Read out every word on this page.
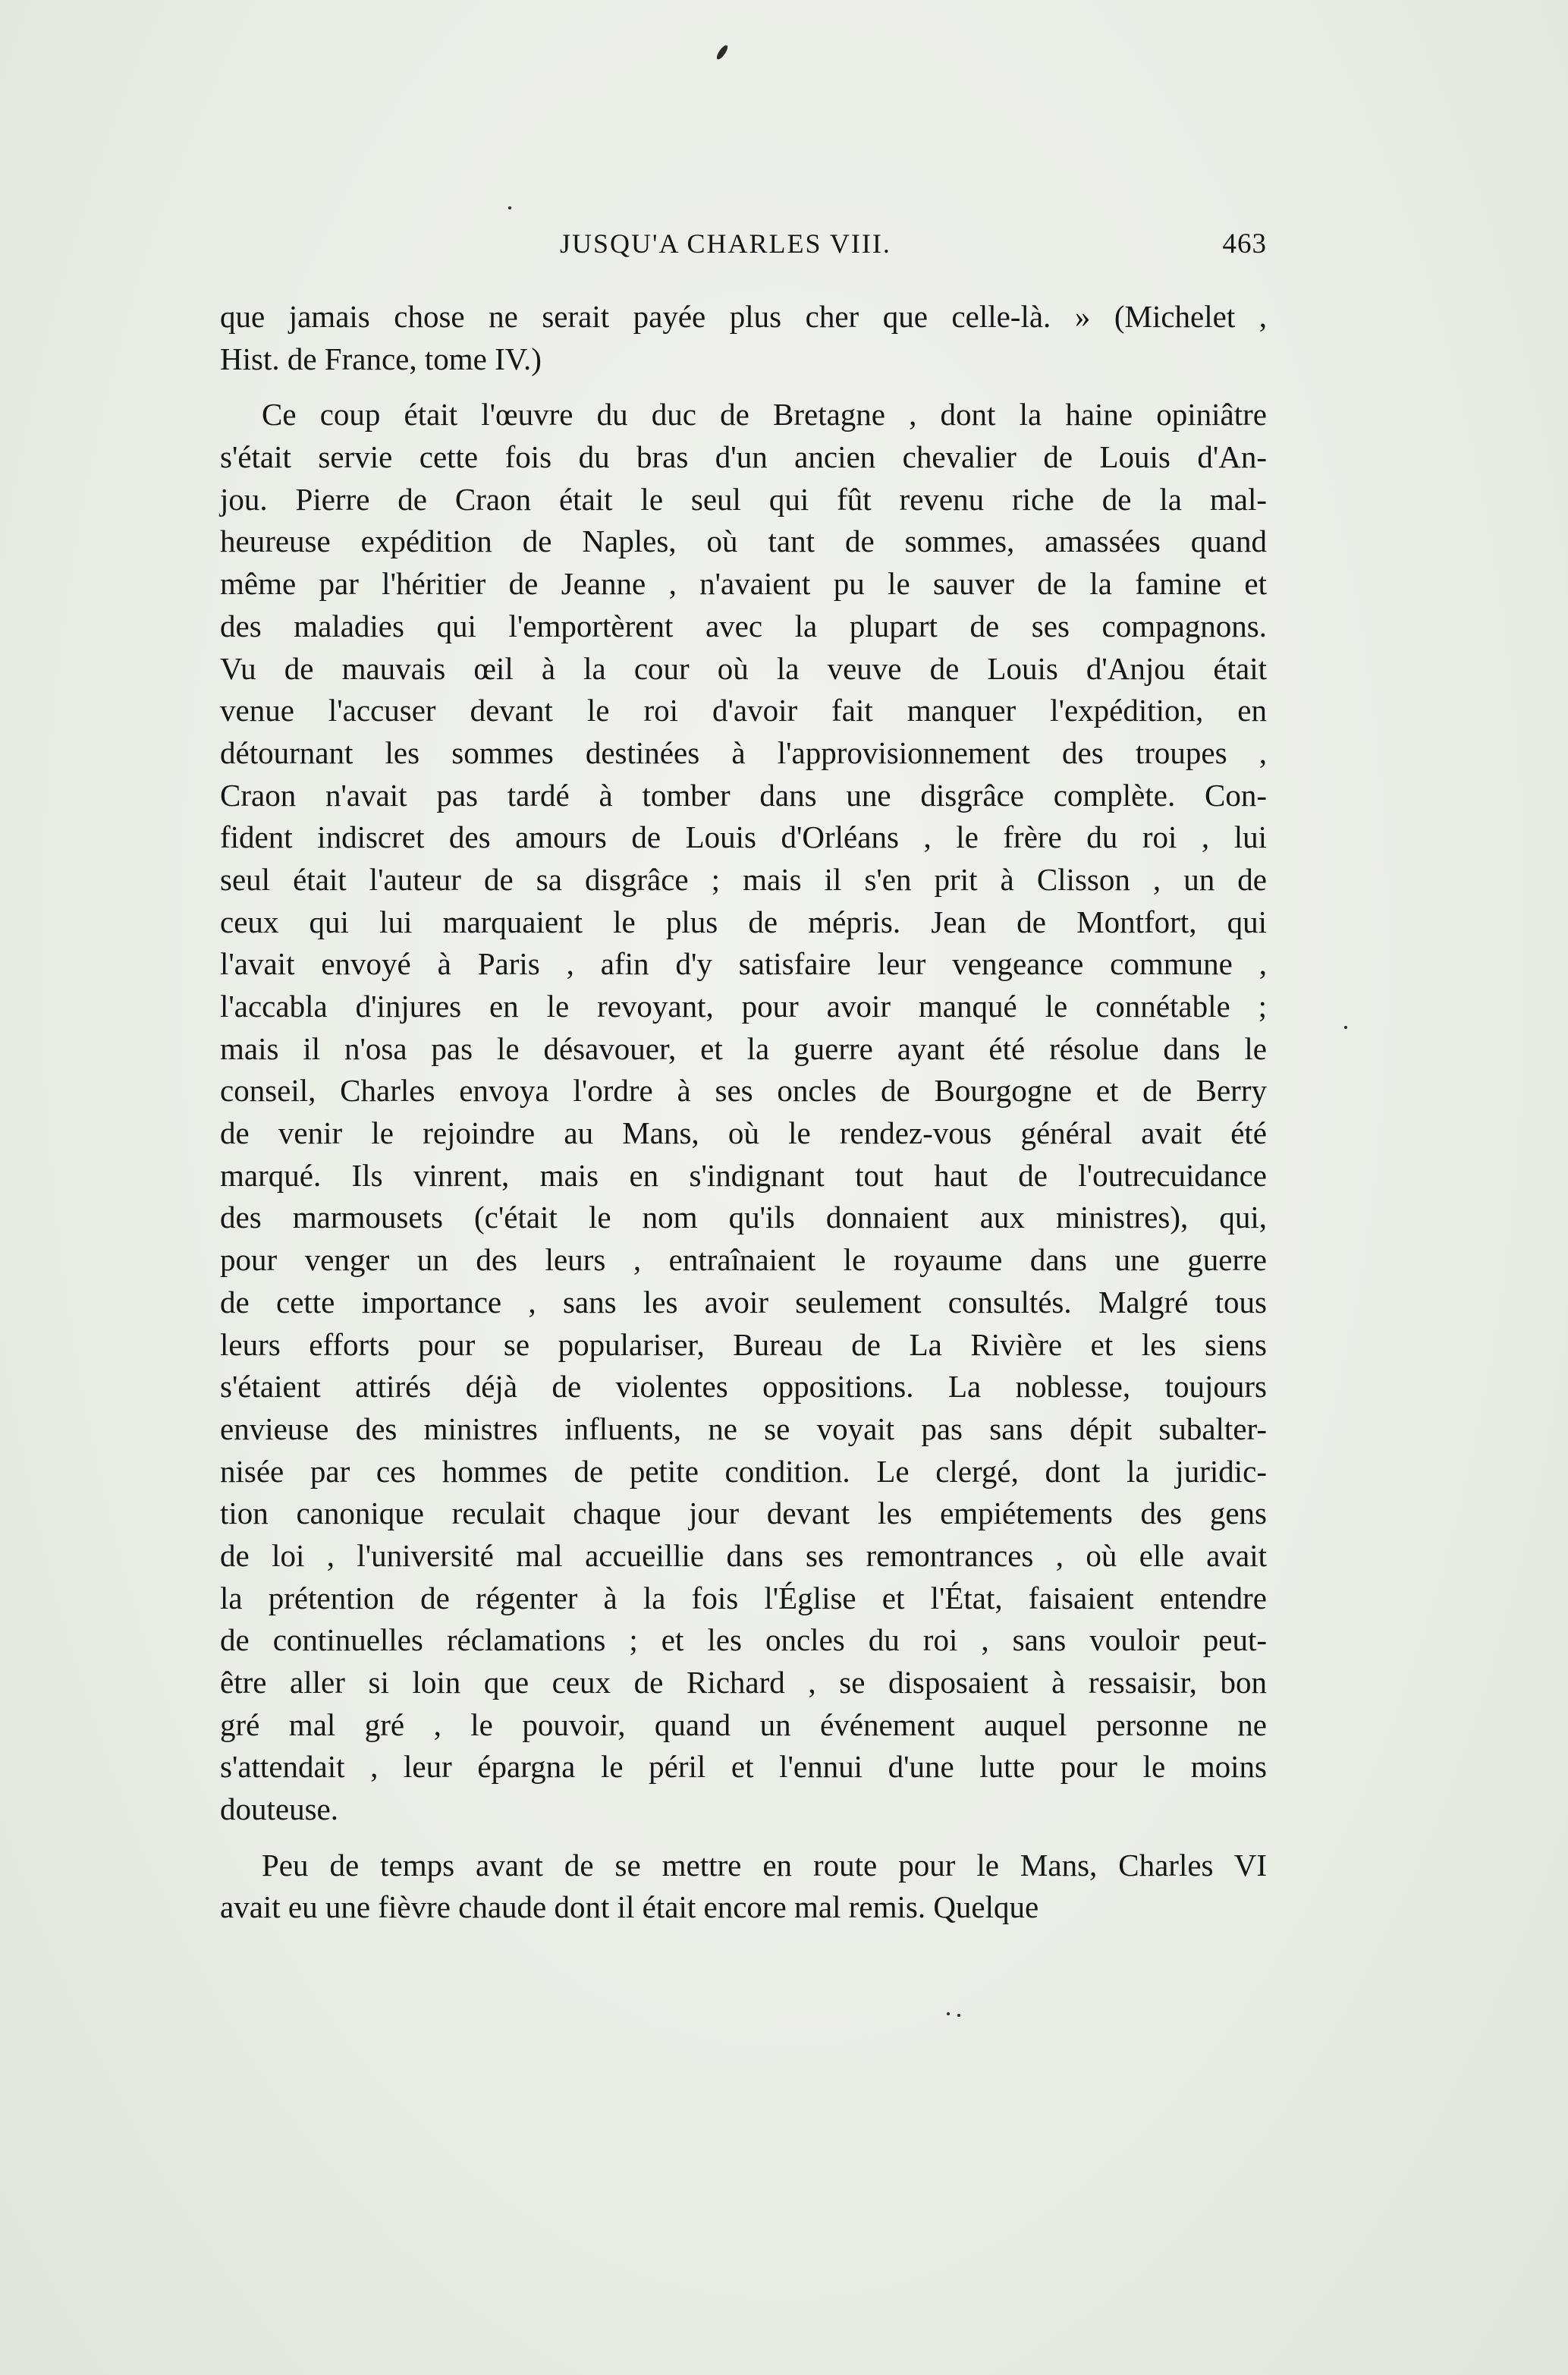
JUSQU'A CHARLES VIII.	463
que jamais chose ne serait payée plus cher que celle-là. » (Michelet ,
Hist. de France, tome IV.)
Ce coup était l'œuvre du duc de Bretagne , dont la haine opiniâtre
s'était servie cette fois du bras d'un ancien chevalier de Louis d'An-
jou. Pierre de Craon était le seul qui fût revenu riche de la mal-
heureuse expédition de Naples, où tant de sommes, amassées quand
même par l'héritier de Jeanne , n'avaient pu le sauver de la famine et
des maladies qui l'emportèrent avec la plupart de ses compagnons.
Vu de mauvais œil à la cour où la veuve de Louis d'Anjou était
venue l'accuser devant le roi d'avoir fait manquer l'expédition, en
détournant les sommes destinées à l'approvisionnement des troupes ,
Craon n'avait pas tardé à tomber dans une disgrâce complète. Con-
fident indiscret des amours de Louis d'Orléans , le frère du roi , lui
seul était l'auteur de sa disgrâce ; mais il s'en prit à Clisson , un de
ceux qui lui marquaient le plus de mépris. Jean de Montfort, qui
l'avait envoyé à Paris , afin d'y satisfaire leur vengeance commune ,
l'accabla d'injures en le revoyant, pour avoir manqué le connétable ;
mais il n'osa pas le désavouer, et la guerre ayant été résolue dans le
conseil, Charles envoya l'ordre à ses oncles de Bourgogne et de Berry
de venir le rejoindre au Mans, où le rendez-vous général avait été
marqué. Ils vinrent, mais en s'indignant tout haut de l'outrecuidance
des marmousets (c'était le nom qu'ils donnaient aux ministres), qui,
pour venger un des leurs , entraînaient le royaume dans une guerre
de cette importance , sans les avoir seulement consultés. Malgré tous
leurs efforts pour se populariser, Bureau de La Rivière et les siens
s'étaient attirés déjà de violentes oppositions. La noblesse, toujours
envieuse des ministres influents, ne se voyait pas sans dépit subalter-
nisée par ces hommes de petite condition. Le clergé, dont la juridic-
tion canonique reculait chaque jour devant les empiétements des gens
de loi , l'université mal accueillie dans ses remontrances , où elle avait
la prétention de régenter à la fois l'Église et l'État, faisaient entendre
de continuelles réclamations ; et les oncles du roi , sans vouloir peut-
être aller si loin que ceux de Richard , se disposaient à ressaisir, bon
gré mal gré , le pouvoir, quand un événement auquel personne ne
s'attendait , leur épargna le péril et l'ennui d'une lutte pour le moins
douteuse.
Peu de temps avant de se mettre en route pour le Mans, Charles VI
avait eu une fièvre chaude dont il était encore mal remis. Quelque
